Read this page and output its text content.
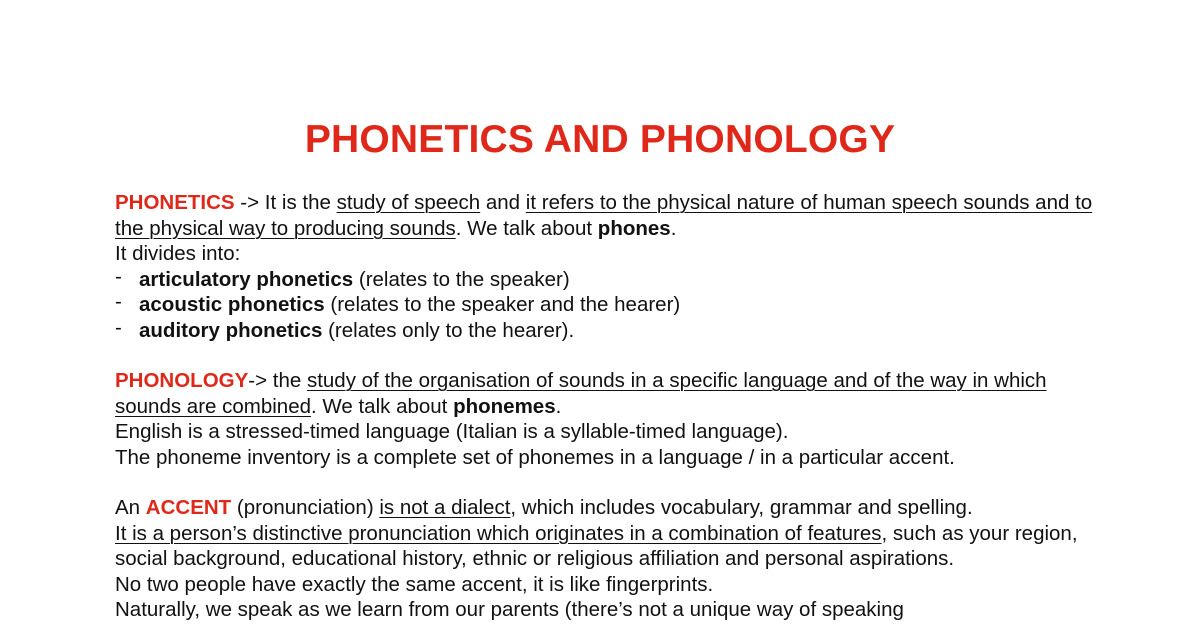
PHONETICS AND PHONOLOGY

PHONETICS -> It is the study of speech and it refers to the physical nature of human speech sounds and to the physical way to producing sounds. We talk about phones.

It divides into:

- articulatory phonetics (relates to the speaker)
- acoustic phonetics (relates to the speaker and the hearer)
- auditory phonetics (relates only to the hearer).

PHONOLOGY-> the study of the organisation of sounds in a specific language and of the way in which sounds are combined. We talk about phonemes.

English is a stressed-timed language (Italian is a syllable-timed language).

The phoneme inventory is a complete set of phonemes in a language / in a particular accent.

An ACCENT (pronunciation) is not a dialect, which includes vocabulary, grammar and spelling.

It is a person’s distinctive pronunciation which originates in a combination of features, such as your region, social background, educational history, ethnic or religious affiliation and personal aspirations.

No two people have exactly the same accent, it is like fingerprints.

Naturally, we speak as we learn from our parents (there’s not a unique way of speaking
